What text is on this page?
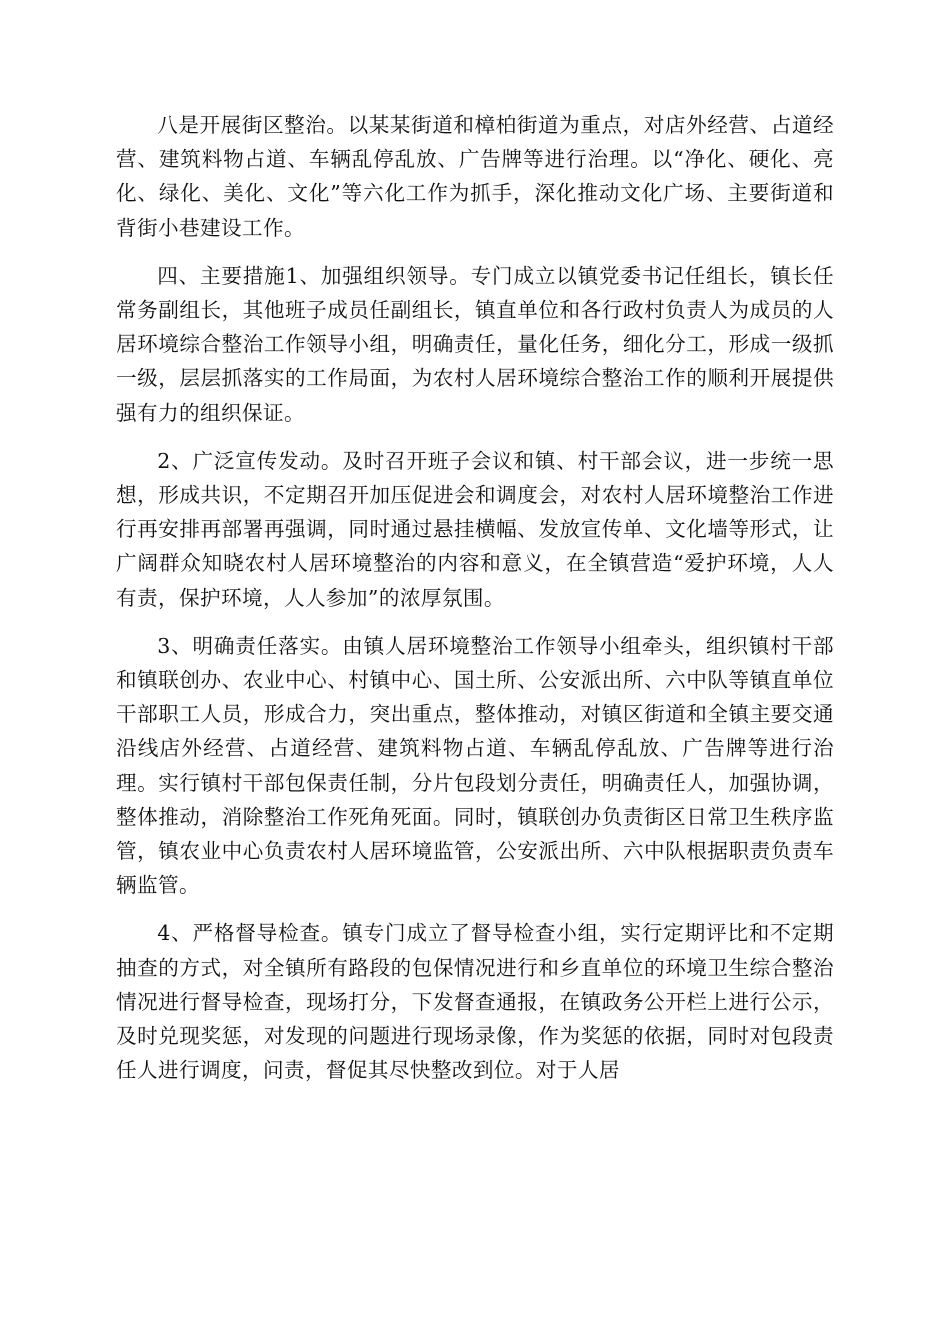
八是开展街区整治。以某某街道和樟柏街道为重点，对店外经营、占道经营、建筑料物占道、车辆乱停乱放、广告牌等进行治理。以“净化、硬化、亮化、绿化、美化、文化”等六化工作为抓手，深化推动文化广场、主要街道和背街小巷建设工作。

四、主要措施1、加强组织领导。专门成立以镇党委书记任组长，镇长任常务副组长，其他班子成员任副组长，镇直单位和各行政村负责人为成员的人居环境综合整治工作领导小组，明确责任，量化任务，细化分工，形成一级抓一级，层层抓落实的工作局面，为农村人居环境综合整治工作的顺利开展提供强有力的组织保证。

2、广泛宣传发动。及时召开班子会议和镇、村干部会议，进一步统一思想，形成共识，不定期召开加压促进会和调度会，对农村人居环境整治工作进行再安排再部署再强调，同时通过悬挂横幅、发放宣传单、文化墙等形式，让广阔群众知晓农村人居环境整治的内容和意义，在全镇营造“爱护环境，人人有责，保护环境，人人参加”的浓厚氛围。

3、明确责任落实。由镇人居环境整治工作领导小组牵头，组织镇村干部和镇联创办、农业中心、村镇中心、国土所、公安派出所、六中队等镇直单位干部职工人员，形成合力，突出重点，整体推动，对镇区街道和全镇主要交通沿线店外经营、占道经营、建筑料物占道、车辆乱停乱放、广告牌等进行治理。实行镇村干部包保责任制，分片包段划分责任，明确责任人，加强协调，整体推动，消除整治工作死角死面。同时，镇联创办负责街区日常卫生秩序监管，镇农业中心负责农村人居环境监管，公安派出所、六中队根据职责负责车辆监管。

4、严格督导检查。镇专门成立了督导检查小组，实行定期评比和不定期抽查的方式，对全镇所有路段的包保情况进行和乡直单位的环境卫生综合整治情况进行督导检查，现场打分，下发督查通报，在镇政务公开栏上进行公示，及时兑现奖惩，对发现的问题进行现场录像，作为奖惩的依据，同时对包段责任人进行调度，问责，督促其尽快整改到位。对于人居
